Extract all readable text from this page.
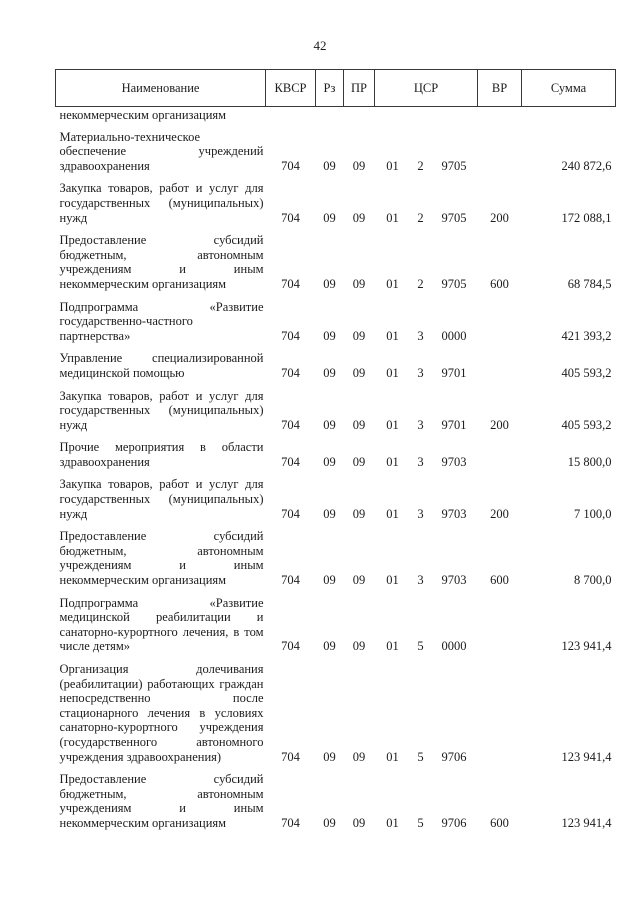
42
Наименование	КВСР	Рз	ПР	ЦСР			ВР	Сумма
некоммерческим организациям								
Материально-техническое обеспечение учреждений здравоохранения	704	09	09	01	2	9705		240 872,6
Закупка товаров, работ и услуг для государственных (муниципальных) нужд	704	09	09	01	2	9705	200	172 088,1
Предоставление субсидий бюджетным, автономным учреждениям и иным некоммерческим организациям	704	09	09	01	2	9705	600	68 784,5
Подпрограмма «Развитие государственно-частного партнерства»	704	09	09	01	3	0000		421 393,2
Управление специализированной медицинской помощью	704	09	09	01	3	9701		405 593,2
Закупка товаров, работ и услуг для государственных (муниципальных) нужд	704	09	09	01	3	9701	200	405 593,2
Прочие мероприятия в области здравоохранения	704	09	09	01	3	9703		15 800,0
Закупка товаров, работ и услуг для государственных (муниципальных) нужд	704	09	09	01	3	9703	200	7 100,0
Предоставление субсидий бюджетным, автономным учреждениям и иным некоммерческим организациям	704	09	09	01	3	9703	600	8 700,0
Подпрограмма «Развитие медицинской реабилитации и санаторно-курортного лечения, в том числе детям»	704	09	09	01	5	0000		123 941,4
Организация долечивания (реабилитации) работающих граждан непосредственно после стационарного лечения в условиях санаторно-курортного учреждения (государственного автономного учреждения здравоохранения)	704	09	09	01	5	9706		123 941,4
Предоставление субсидий бюджетным, автономным учреждениям и иным некоммерческим организациям	704	09	09	01	5	9706	600	123 941,4
